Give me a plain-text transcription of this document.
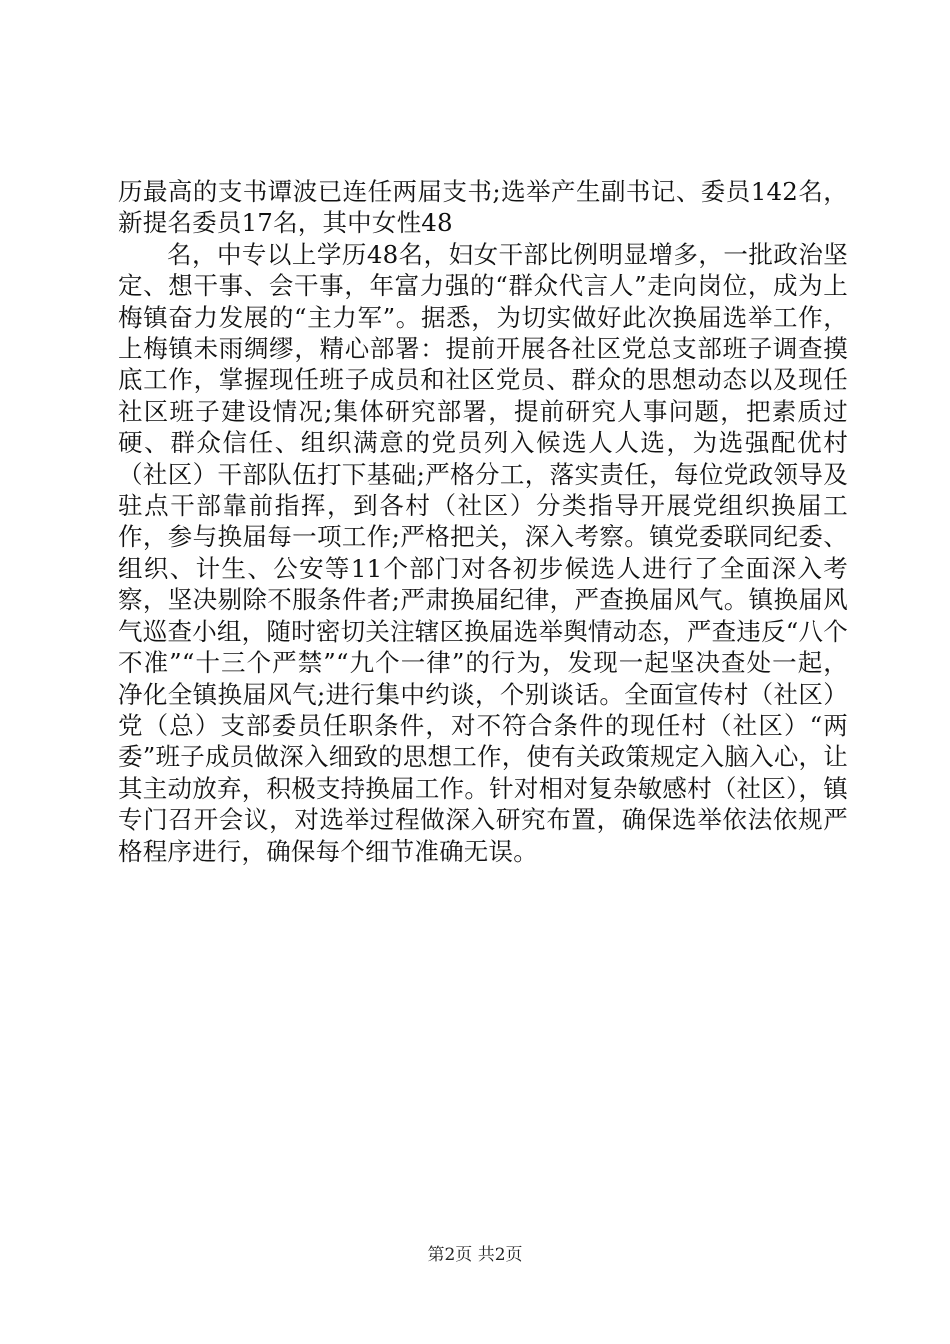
历最高的支书谭波已连任两届支书;选举产生副书记、委员142名，新提名委员17名，其中女性48

名，中专以上学历48名，妇女干部比例明显增多，一批政治坚定、想干事、会干事，年富力强的“群众代言人”走向岗位，成为上梅镇奋力发展的“主力军”。据悉，为切实做好此次换届选举工作，上梅镇未雨绸缪，精心部署：提前开展各社区党总支部班子调查摸底工作，掌握现任班子成员和社区党员、群众的思想动态以及现任社区班子建设情况;集体研究部署，提前研究人事问题，把素质过硬、群众信任、组织满意的党员列入候选人人选，为选强配优村（社区）干部队伍打下基础;严格分工，落实责任，每位党政领导及驻点干部靠前指挥，到各村（社区）分类指导开展党组织换届工作，参与换届每一项工作;严格把关，深入考察。镇党委联同纪委、组织、计生、公安等11个部门对各初步候选人进行了全面深入考察，坚决剔除不服条件者;严肃换届纪律，严查换届风气。镇换届风气巡查小组，随时密切关注辖区换届选举舆情动态，严查违反“八个不准”“十三个严禁”“九个一律”的行为，发现一起坚决查处一起，净化全镇换届风气;进行集中约谈，个别谈话。全面宣传村（社区）党（总）支部委员任职条件，对不符合条件的现任村（社区）“两委”班子成员做深入细致的思想工作，使有关政策规定入脑入心，让其主动放弃，积极支持换届工作。针对相对复杂敏感村（社区），镇专门召开会议，对选举过程做深入研究布置，确保选举依法依规严格程序进行，确保每个细节准确无误。

第2页 共2页
